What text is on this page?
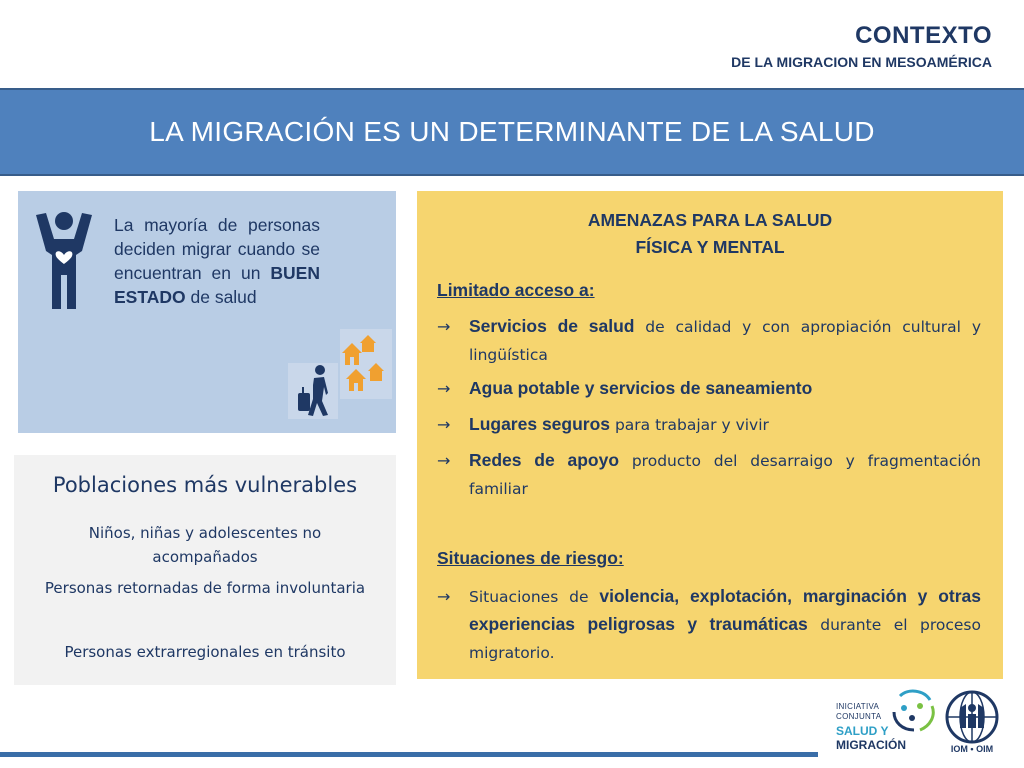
CONTEXTO
DE LA MIGRACION EN MESOAMÉRICA
LA MIGRACIÓN ES UN DETERMINANTE DE LA SALUD
La mayoría de personas deciden migrar cuando se encuentran en un BUEN ESTADO de salud
Poblaciones más vulnerables
Niños, niñas y adolescentes no acompañados
Personas retornadas de forma involuntaria
Personas extrarregionales en tránsito
AMENAZAS PARA LA SALUD
FÍSICA Y MENTAL
Limitado acceso a:
→	Servicios de salud de calidad y con apropiación cultural y lingüística
→	Agua potable y servicios de saneamiento
→	Lugares seguros para trabajar y vivir
→	Redes de apoyo producto del desarraigo y fragmentación familiar
Situaciones de riesgo:
→	Situaciones de violencia, explotación, marginación y otras experiencias peligrosas y traumáticas durante el proceso migratorio.
INICIATIVA
CONJUNTA
SALUD Y
MIGRACIÓN	IOM • OIM
